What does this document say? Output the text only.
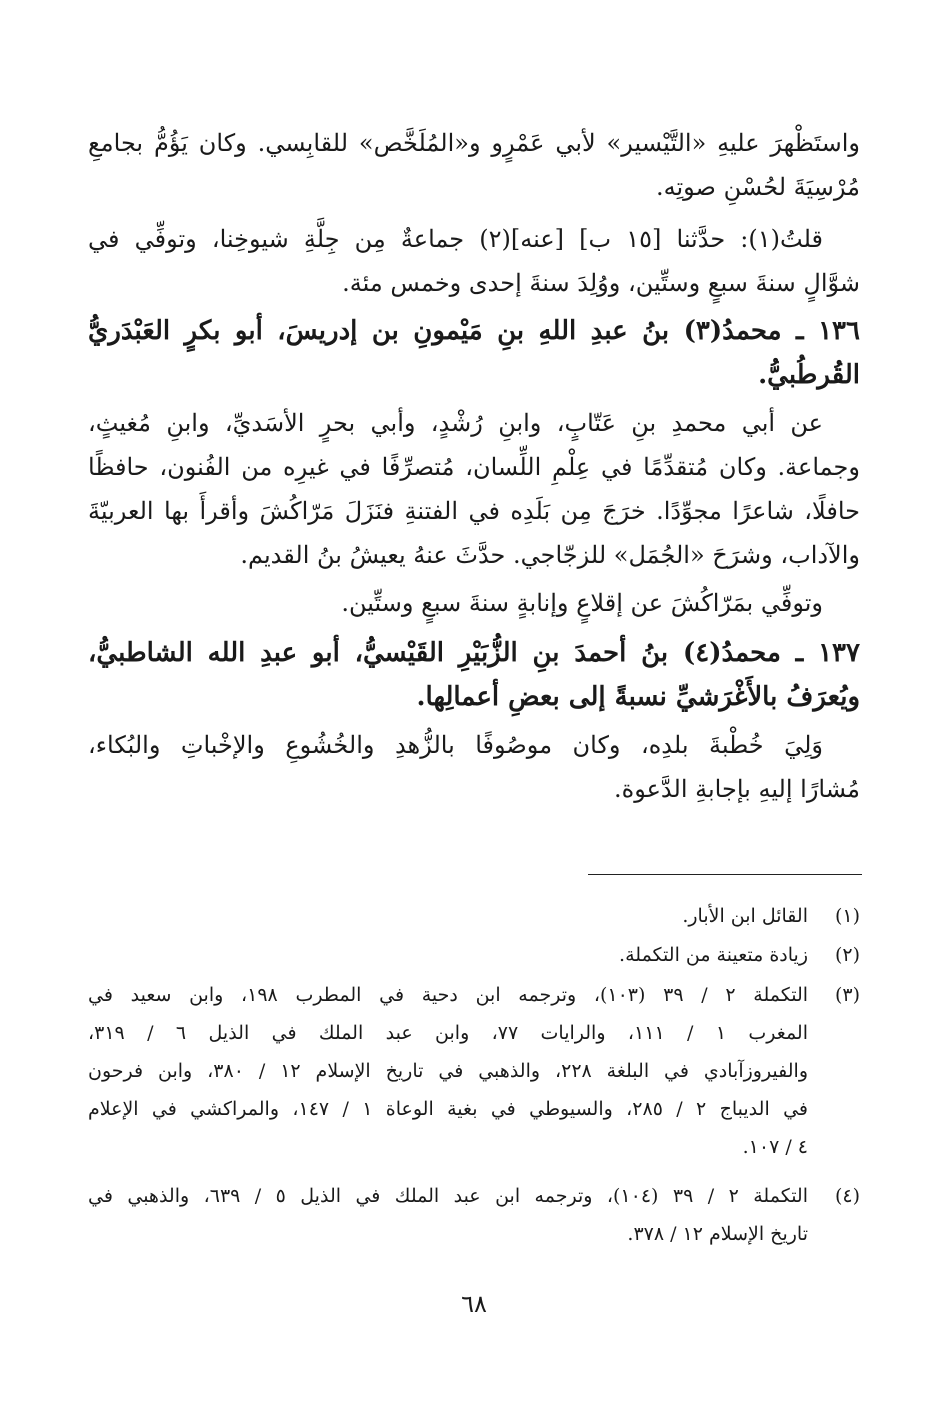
واستَظْهرَ عليهِ «التَّيْسير» لأبي عَمْرٍو و«المُلَخَّص» للقابِسي. وكان يَؤُمُّ بجامعِ
مُرْسِيَةَ لحُسْنِ صوتِه.
قلتُ(١): حدَّثنا [١٥ ب] [عنه](٢) جماعةٌ مِن جِلَّةِ شيوخِنا، وتوفِّي في
شوَّالٍ سنةَ سبعٍ وستِّين، ووُلِدَ سنةَ إحدى وخمس مئة.
١٣٦ ـ محمدُ(٣) بنُ عبدِ اللهِ بنِ مَيْمونِ بن إدريسَ، أبو بكرٍ العَبْدَريُّ
القُرطُبيُّ.
عن أبي محمدِ بنِ عَتّابٍ، وابنِ رُشْدٍ، وأبي بحرٍ الأسَديِّ، وابنِ مُغيثٍ،
وجماعة. وكان مُتقدِّمًا في عِلْمِ اللِّسان، مُتصرِّفًا في غيرِه من الفُنون، حافظًا
حافلًا، شاعرًا مجوِّدًا. خرَجَ مِن بَلَدِه في الفتنةِ فنَزَلَ مَرّاكُشَ وأقرأَ بها العربيّةَ
والآداب، وشرَحَ «الجُمَل» للزجّاجي. حدَّثَ عنهُ يعيشُ بنُ القديم.
وتوفِّي بمَرّاكُشَ عن إقلاعٍ وإنابةٍ سنةَ سبعٍ وستِّين.
١٣٧ ـ محمدُ(٤) بنُ أحمدَ بنِ الزُّبَيْرِ القَيْسيُّ، أبو عبدِ الله الشاطبيُّ،
ويُعرَفُ بالأَغْرَشيِّ نسبةً إلى بعضِ أعمالِها.
وَلِيَ خُطْبةَ بلدِه، وكان موصُوفًا بالزُّهدِ والخُشُوعِ والإخْباتِ والبُكاء،
مُشارًا إليهِ بإجابةِ الدَّعوة.
(١)
القائل ابن الأبار.
(٢)
زيادة متعينة من التكملة.
(٣)
التكملة ٢ / ٣٩ (١٠٣)، وترجمه ابن دحية في المطرب ١٩٨، وابن سعيد في
المغرب ١ / ١١١، والرايات ٧٧، وابن عبد الملك في الذيل ٦ / ٣١٩،
والفيروزآبادي في البلغة ٢٢٨، والذهبي في تاريخ الإسلام ١٢ / ٣٨٠، وابن فرحون
في الديباج ٢ / ٢٨٥، والسيوطي في بغية الوعاة ١ / ١٤٧، والمراكشي في الإعلام
٤ / ١٠٧.
(٤)
التكملة ٢ / ٣٩ (١٠٤)، وترجمه ابن عبد الملك في الذيل ٥ / ٦٣٩، والذهبي في
تاريخ الإسلام ١٢ / ٣٧٨.
٦٨
